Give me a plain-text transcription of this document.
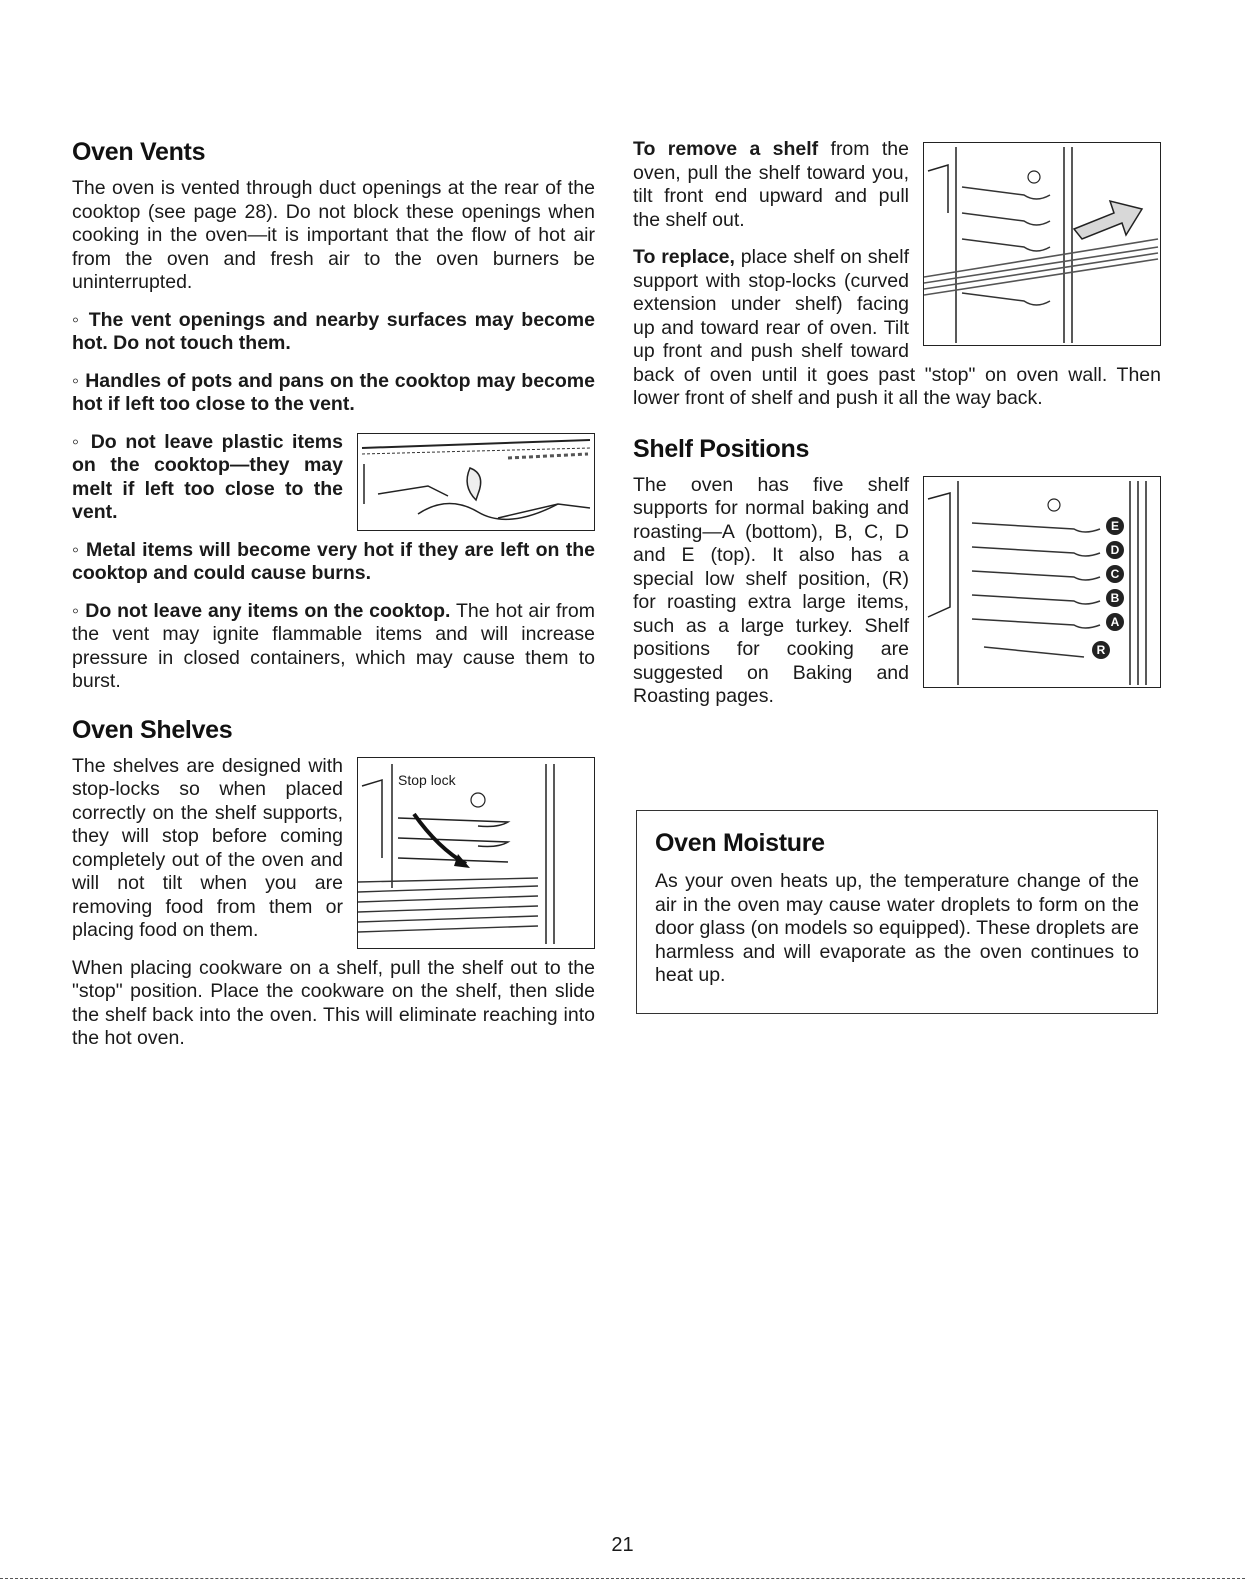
Oven Vents

The oven is vented through duct openings at the rear of the cooktop (see page 28). Do not block these openings when cooking in the oven—it is important that the flow of hot air from the oven and fresh air to the oven burners be uninterrupted.

◦ The vent openings and nearby surfaces may become hot. Do not touch them.

◦ Handles of pots and pans on the cooktop may become hot if left too close to the vent.

◦ Do not leave plastic items on the cooktop—they may melt if left too close to the vent.

◦ Metal items will become very hot if they are left on the cooktop and could cause burns.

◦ Do not leave any items on the cooktop. The hot air from the vent may ignite flammable items and will increase pressure in closed containers, which may cause them to burst.

Oven Shelves
Stop lock

The shelves are designed with stop-locks so when placed correctly on the shelf supports, they will stop before coming completely out of the oven and will not tilt when you are removing food from them or placing food on them.

When placing cookware on a shelf, pull the shelf out to the "stop" position. Place the cookware on the shelf, then slide the shelf back into the oven. This will eliminate reaching into the hot oven.

To remove a shelf from the oven, pull the shelf toward you, tilt front end upward and pull the shelf out.

To replace, place shelf on shelf support with stop-locks (curved extension under shelf) facing up and toward rear of oven. Tilt up front and push shelf toward back of oven until it goes past "stop" on oven wall. Then lower front of shelf and push it all the way back.

Shelf Positions
E
D
C
B
A
R

The oven has five shelf supports for normal baking and roasting—A (bottom), B, C, D and E (top). It also has a special low shelf position, (R) for roasting extra large items, such as a large turkey. Shelf positions for cooking are suggested on Baking and Roasting pages.

Oven Moisture

As your oven heats up, the temperature change of the air in the oven may cause water droplets to form on the door glass (on models so equipped). These droplets are harmless and will evaporate as the oven continues to heat up.

21
